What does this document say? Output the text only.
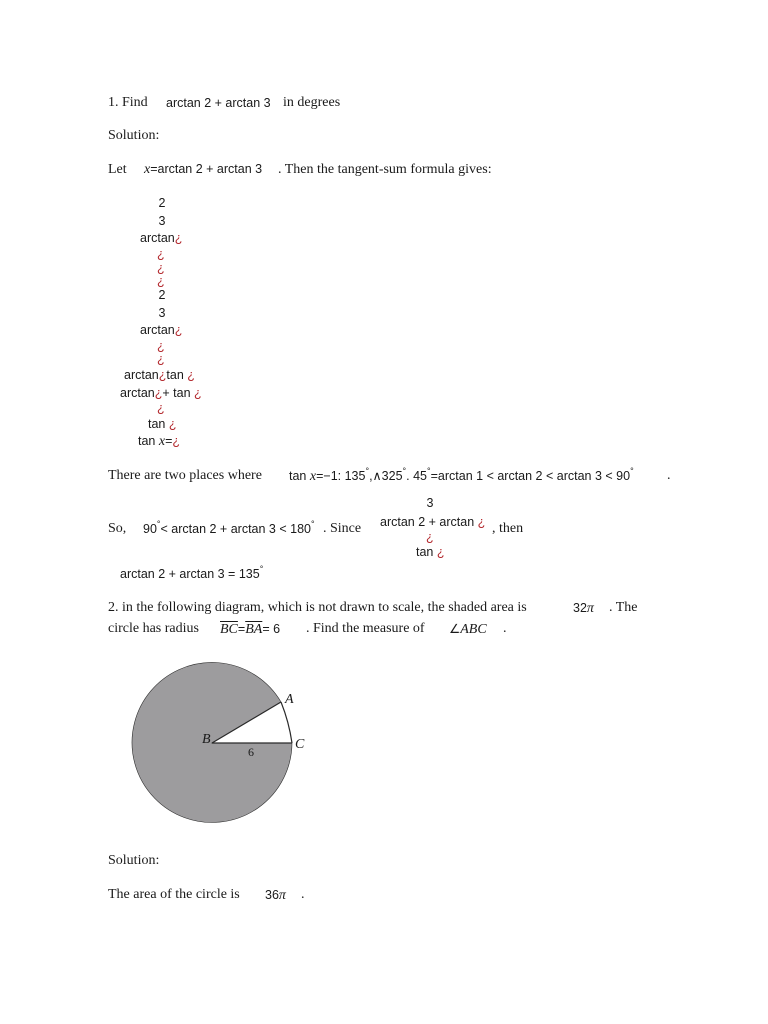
1. Find arctan 2 + arctan 3 in degrees
Solution:
Let x=arctan 2 + arctan 3 . Then the tangent-sum formula gives:
2
3
arctan¿
¿
¿
¿
2
3
arctan¿
¿
¿
arctan¿tan ¿
arctan¿+ tan ¿
¿
tan ¿
tan x=¿
There are two places where tan x=−1: 135°,∧325°. 45°=arctan 1 < arctan 2 < arctan 3 < 90° .
So, 90°< arctan 2 + arctan 3 < 180° . Since
3
arctan 2 + arctan ¿
¿
tan ¿
, then
arctan 2 + arctan 3 = 135°
2. in the following diagram, which is not drawn to scale, the shaded area is	32π . The
circle has radius $\overline{BC}=\overline{BA}= 6$ . Find the measure of ∠ABC .
A
B	C
6
Solution:
The area of the circle is 36π .
